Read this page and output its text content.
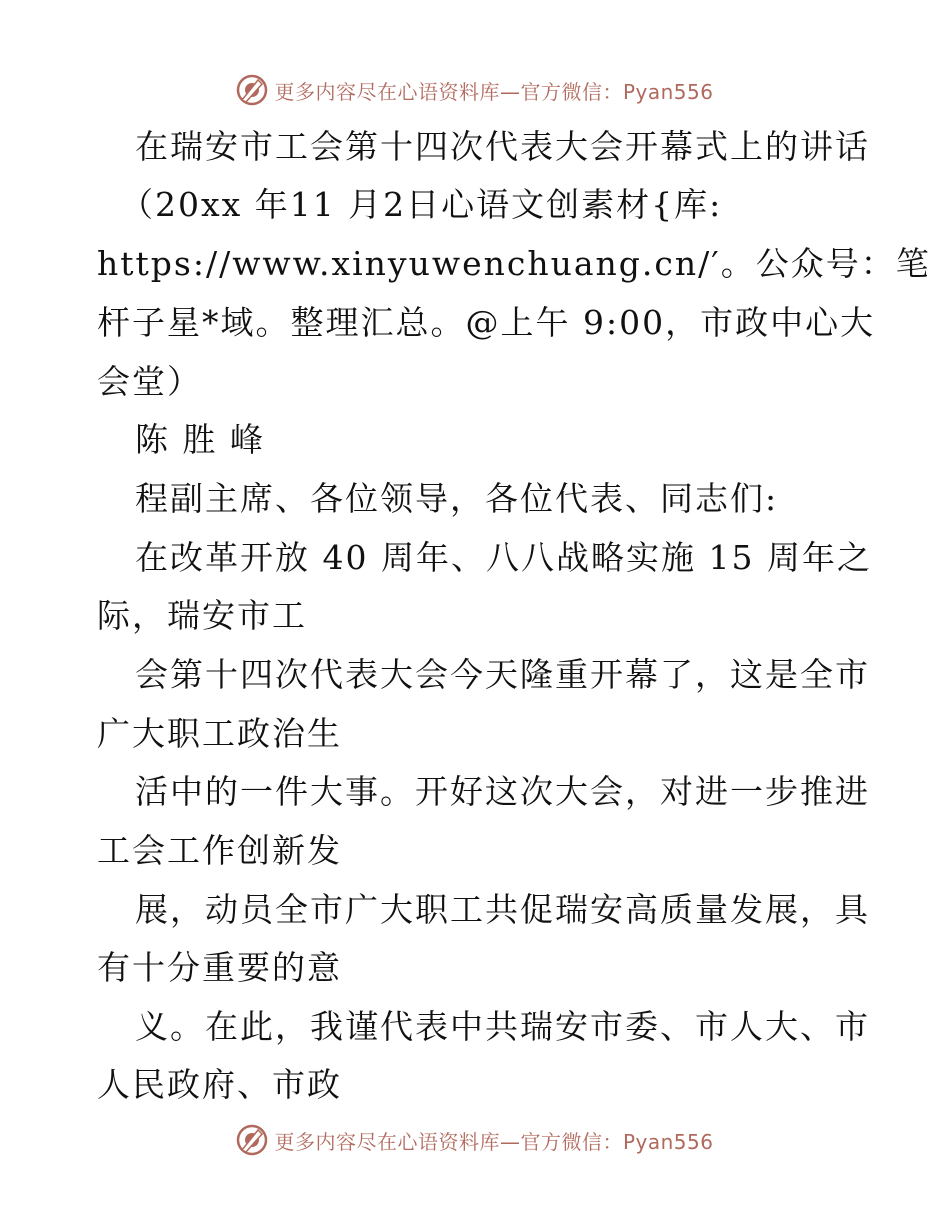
更多内容尽在心语资料库—官方微信：Pyan556
在瑞安市工会第十四次代表大会开幕式上的讲话
（20xx 年11 月2日心语文创素材{库:
https://www.xinyuwenchuang.cn/′。公众号：笔
杆子星*域。整理汇总。@上午 9:00，市政中心大
会堂）
陈 胜 峰
程副主席、各位领导，各位代表、同志们:
在改革开放 40 周年、八八战略实施 15 周年之
际，瑞安市工
会第十四次代表大会今天隆重开幕了，这是全市
广大职工政治生
活中的一件大事。开好这次大会，对进一步推进
工会工作创新发
展，动员全市广大职工共促瑞安高质量发展，具
有十分重要的意
义。在此，我谨代表中共瑞安市委、市人大、市
人民政府、市政
更多内容尽在心语资料库—官方微信：Pyan556
